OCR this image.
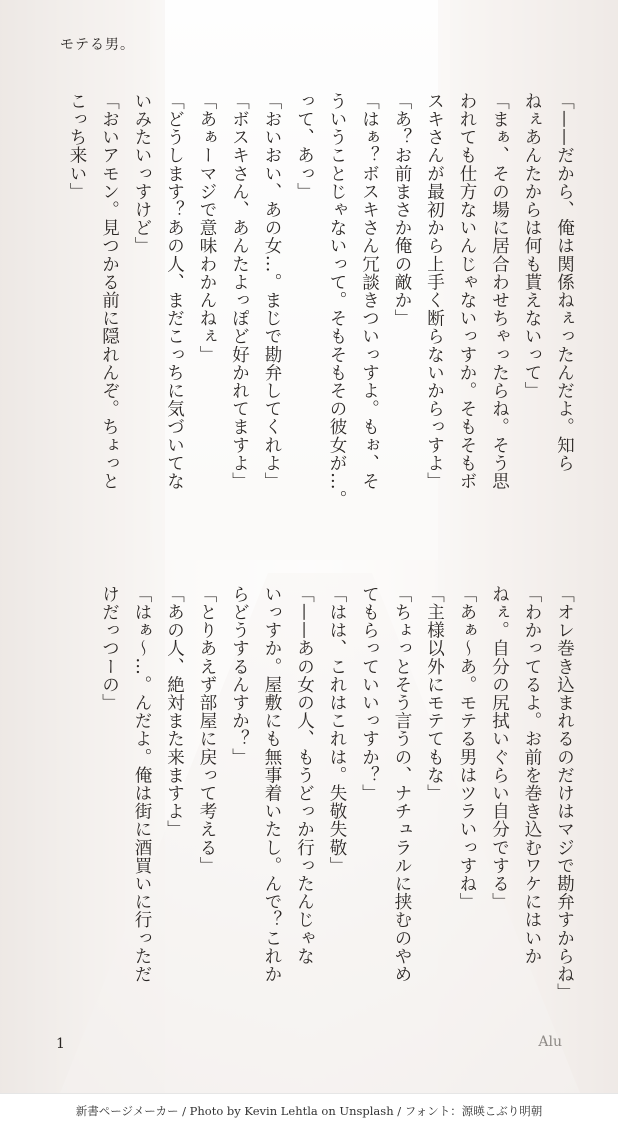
モテる男。
「——だから、俺は関係ねぇったんだよ。知ら
ねぇあんたからは何も貰えないって」
「まぁ、その場に居合わせちゃったらね。そう思
われても仕方ないんじゃないっすか。そもそもボ
スキさんが最初から上手く断らないからっすよ」
「あ？お前まさか俺の敵か」
「はぁ？ボスキさん冗談きついっすよ。もぉ、そ
ういうことじゃないって。そもそもその彼女が…。
って、あっ」
「おいおい、あの女…。まじで勘弁してくれよ」
「ボスキさん、あんたよっぽど好かれてますよ」
「あぁーマジで意味わかんねぇ」
「どうします？あの人、まだこっちに気づいてな
いみたいっすけど」
「おいアモン。見つかる前に隠れんぞ。ちょっと
こっち来い」
「オレ巻き込まれるのだけはマジで勘弁すからね」
「わかってるよ。お前を巻き込むワケにはいか
ねぇ。自分の尻拭いぐらい自分でする」
「あぁ〜あ。モテる男はツラいっすね」
「主様以外にモテてもな」
「ちょっとそう言うの、ナチュラルに挟むのやめ
てもらっていいっすか？」
「はは、これはこれは。失敬失敬」
「——あの女の人、もうどっか行ったんじゃな
いっすか。屋敷にも無事着いたし。んで？これか
らどうするんすか？」
「とりあえず部屋に戻って考える」
「あの人、絶対また来ますよ」
「はぁ〜…。んだよ。俺は街に酒買いに行っただ
けだっつーの」
1	Alu
新書ページメーカー / Photo by Kevin Lehtla on Unsplash / フォント：源暎こぶり明朝
